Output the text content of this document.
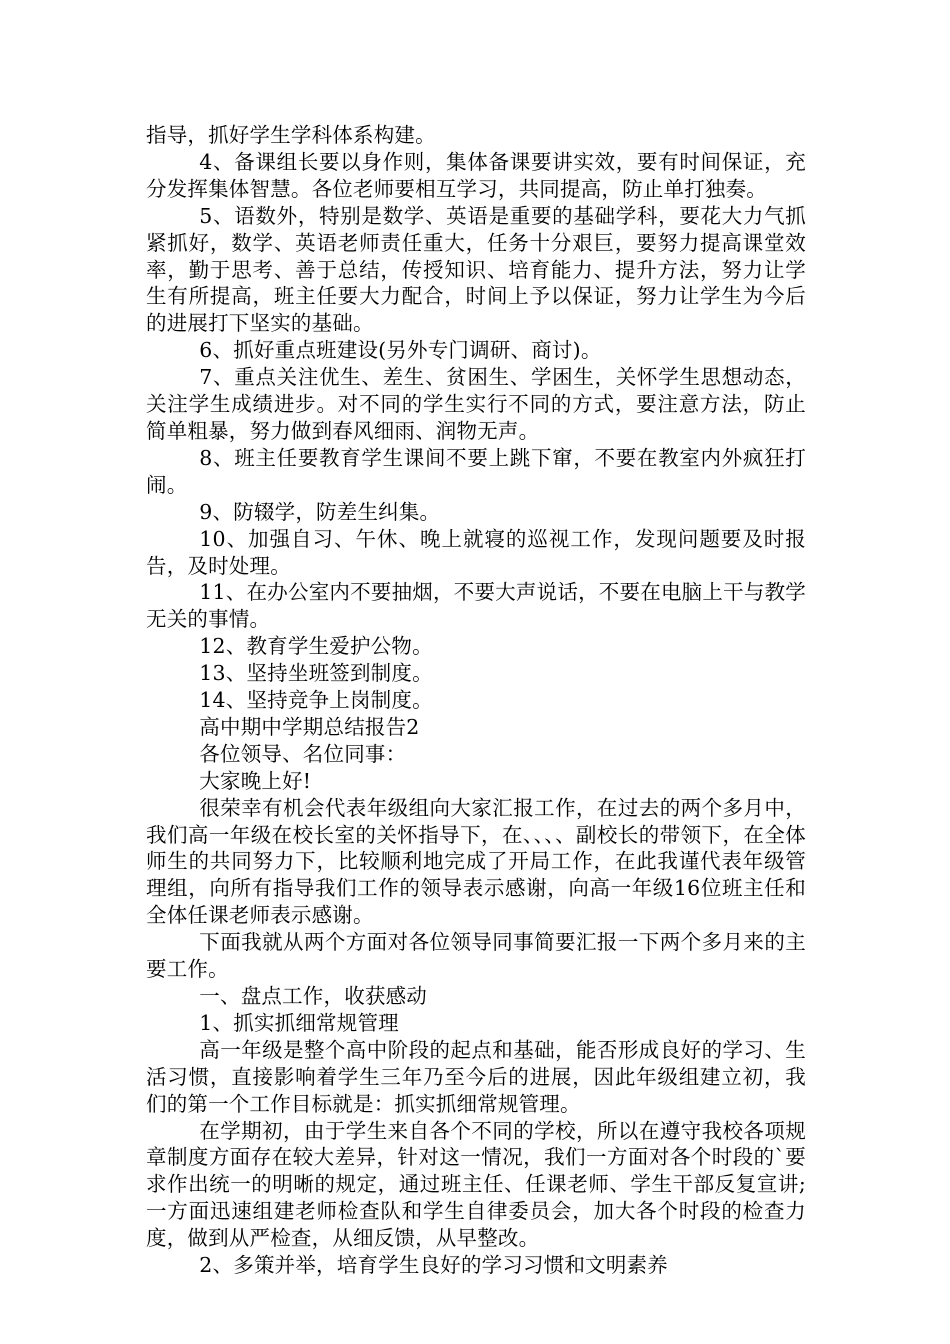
指导，抓好学生学科体系构建。

4、备课组长要以身作则，集体备课要讲实效，要有时间保证，充分发挥集体智慧。各位老师要相互学习，共同提高，防止单打独奏。

5、语数外，特别是数学、英语是重要的基础学科，要花大力气抓紧抓好，数学、英语老师责任重大，任务十分艰巨，要努力提高课堂效率，勤于思考、善于总结，传授知识、培育能力、提升方法，努力让学生有所提高，班主任要大力配合，时间上予以保证，努力让学生为今后的进展打下坚实的基础。

6、抓好重点班建设(另外专门调研、商讨)。

7、重点关注优生、差生、贫困生、学困生，关怀学生思想动态，关注学生成绩进步。对不同的学生实行不同的方式，要注意方法，防止简单粗暴，努力做到春风细雨、润物无声。

8、班主任要教育学生课间不要上跳下窜，不要在教室内外疯狂打闹。

9、防辍学，防差生纠集。

10、加强自习、午休、晚上就寝的巡视工作，发现问题要及时报告，及时处理。

11、在办公室内不要抽烟，不要大声说话，不要在电脑上干与教学无关的事情。

12、教育学生爱护公物。

13、坚持坐班签到制度。

14、坚持竞争上岗制度。

高中期中学期总结报告2

各位领导、名位同事：

大家晚上好!

很荣幸有机会代表年级组向大家汇报工作，在过去的两个多月中，我们高一年级在校长室的关怀指导下，在、、、、副校长的带领下，在全体师生的共同努力下，比较顺利地完成了开局工作，在此我谨代表年级管理组，向所有指导我们工作的领导表示感谢，向高一年级16位班主任和全体任课老师表示感谢。

下面我就从两个方面对各位领导同事简要汇报一下两个多月来的主要工作。

一、盘点工作，收获感动

1、抓实抓细常规管理

高一年级是整个高中阶段的起点和基础，能否形成良好的学习、生活习惯，直接影响着学生三年乃至今后的进展，因此年级组建立初，我们的第一个工作目标就是：抓实抓细常规管理。

在学期初，由于学生来自各个不同的学校，所以在遵守我校各项规章制度方面存在较大差异，针对这一情况，我们一方面对各个时段的`要求作出统一的明晰的规定，通过班主任、任课老师、学生干部反复宣讲;一方面迅速组建老师检查队和学生自律委员会，加大各个时段的检查力度，做到从严检查，从细反馈，从早整改。

2、多策并举，培育学生良好的学习习惯和文明素养
